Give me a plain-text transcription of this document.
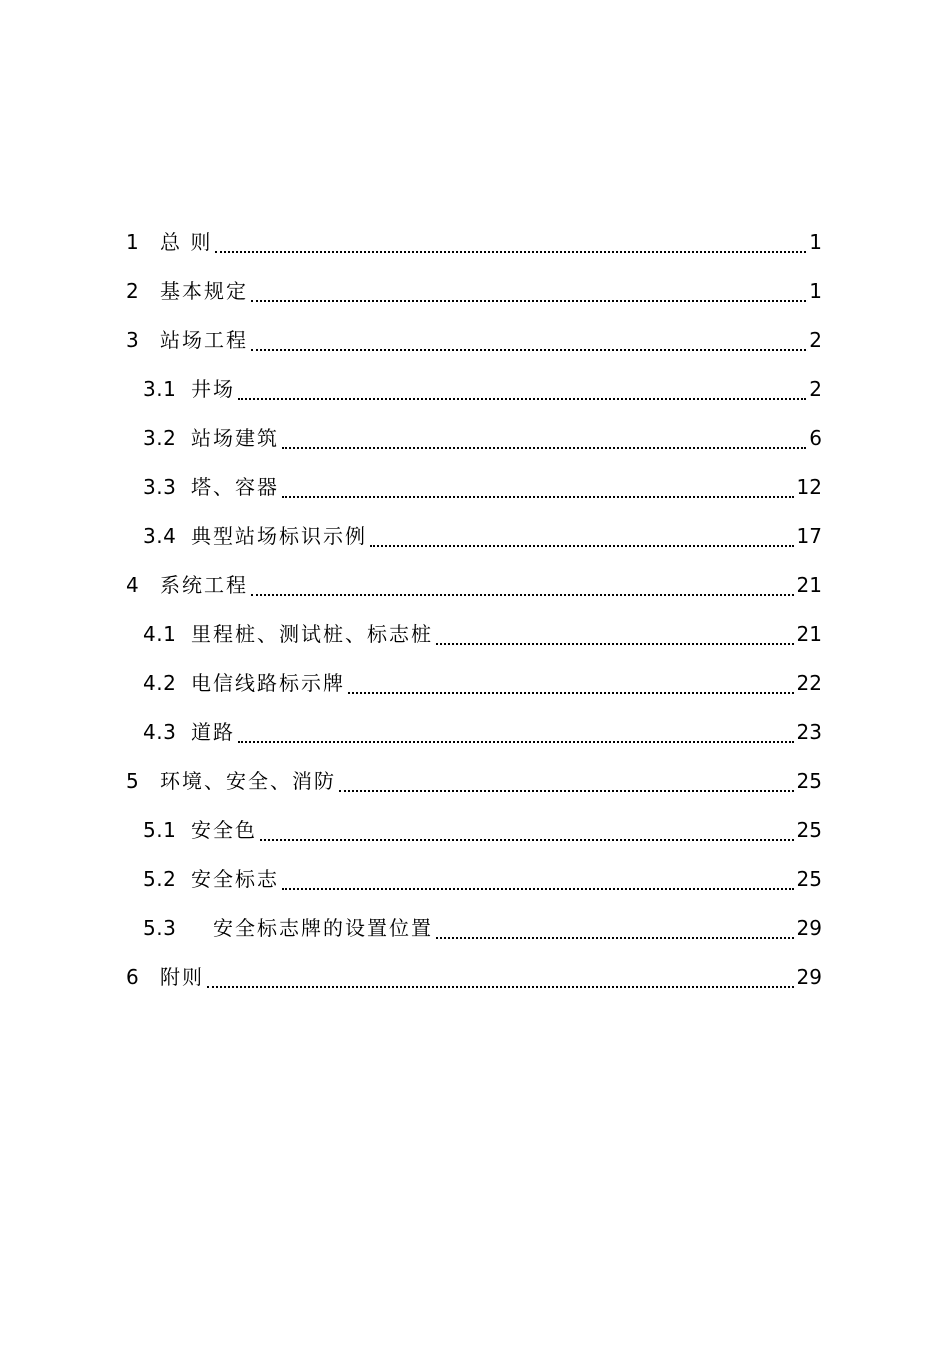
1	总 则	1
2	基本规定	1
3	站场工程	2
3.1 井场	2
3.2 站场建筑	6
3.3 塔、容器	12
3.4 典型站场标识示例	17
4	系统工程	21
4.1 里程桩、测试桩、标志桩	21
4.2 电信线路标示牌	22
4.3 道路	23
5	环境、安全、消防	25
5.1 安全色	25
5.2 安全标志	25
5.3	安全标志牌的设置位置	29
6	附则	29
